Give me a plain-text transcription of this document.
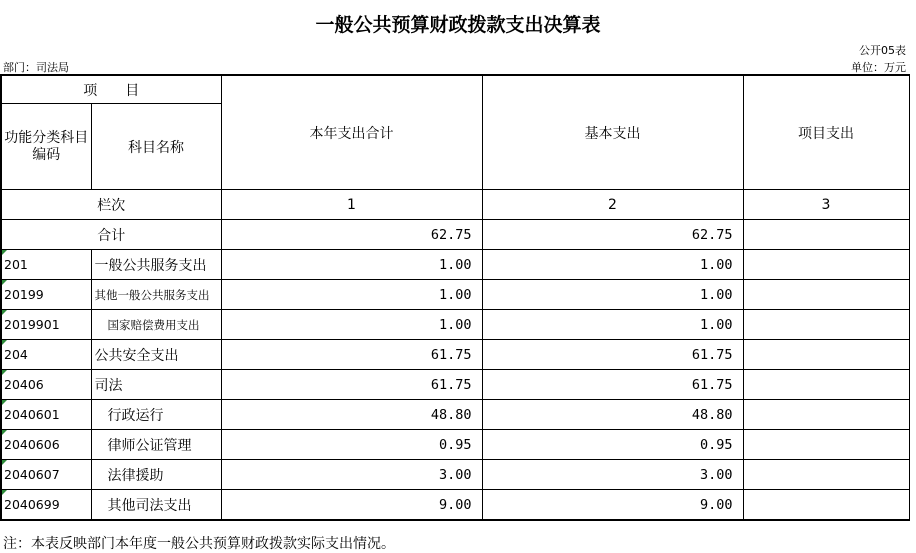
一般公共预算财政拨款支出决算表
公开05表
部门：司法局	单位：万元
项　　目		本年支出合计	基本支出	项目支出
功能分类科目编码	科目名称			
栏次		1	2	3
合计		62.75	62.75	

201	一般公共服务支出	1.00	1.00	

20199	其他一般公共服务支出	1.00	1.00	

2019901	国家赔偿费用支出	1.00	1.00	

204	公共安全支出	61.75	61.75	

20406	司法	61.75	61.75	

2040601	行政运行	48.80	48.80	

2040606	律师公证管理	0.95	0.95	

2040607	法律援助	3.00	3.00	

2040699	其他司法支出	9.00	9.00	
注：本表反映部门本年度一般公共预算财政拨款实际支出情况。
